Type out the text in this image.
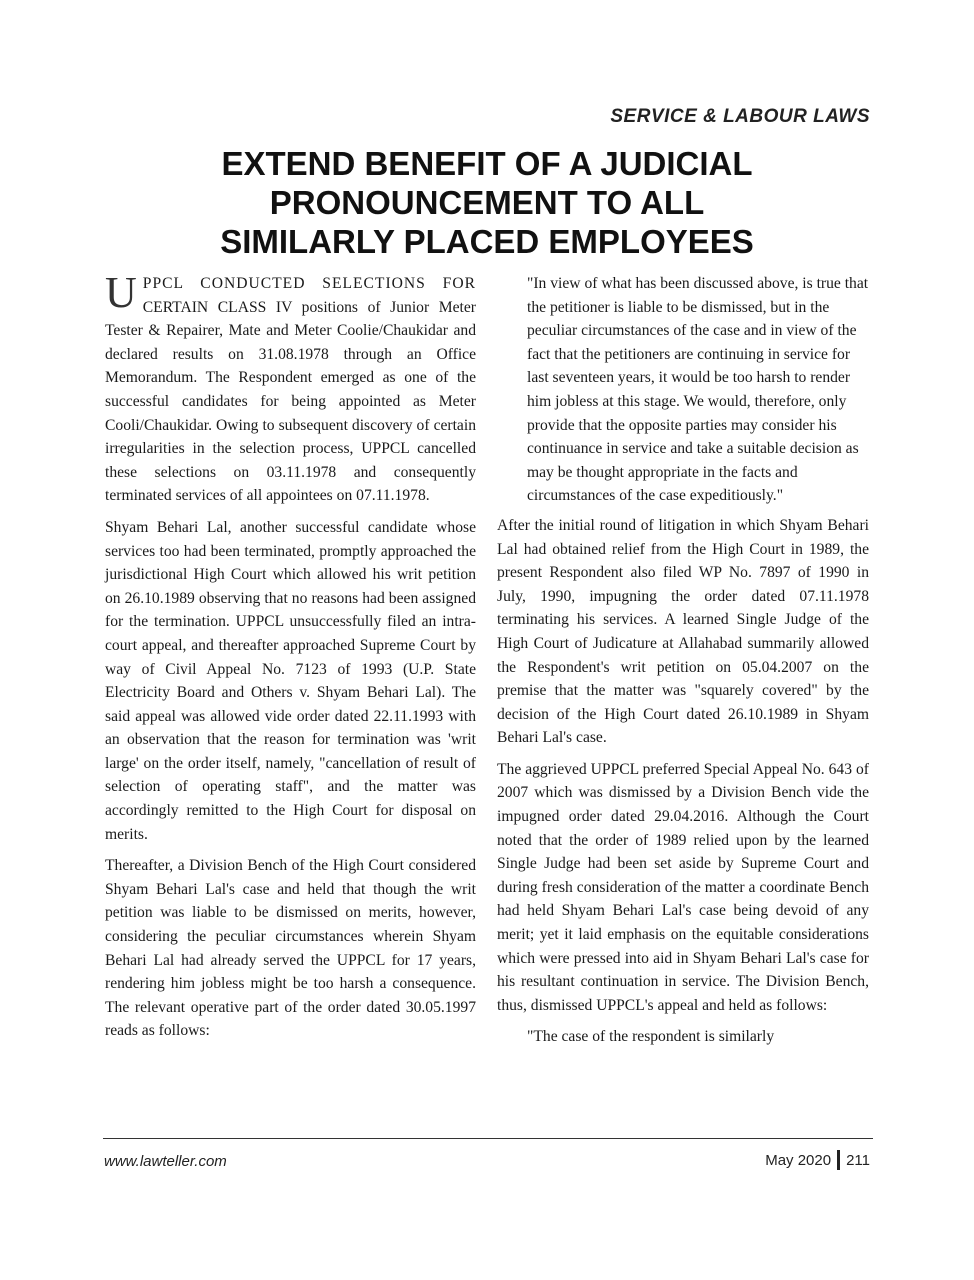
SERVICE & LABOUR LAWS
EXTEND BENEFIT OF A JUDICIAL
PRONOUNCEMENT TO ALL
SIMILARLY PLACED EMPLOYEES

UPPCL CONDUCTED SELECTIONS FOR CERTAIN CLASS IV positions of Junior Meter Tester & Repairer, Mate and Meter Coolie/Chaukidar and declared results on 31.08.1978 through an Office Memorandum. The Respondent emerged as one of the successful candidates for being appointed as Meter Cooli/Chaukidar. Owing to subsequent discovery of certain irregularities in the selection process, UPPCL cancelled these selections on 03.11.1978 and consequently terminated services of all appointees on 07.11.1978.

Shyam Behari Lal, another successful candidate whose services too had been terminated, promptly approached the jurisdictional High Court which allowed his writ petition on 26.10.1989 observing that no reasons had been assigned for the termination. UPPCL unsuccessfully filed an intra-court appeal, and thereafter approached Supreme Court by way of Civil Appeal No. 7123 of 1993 (U.P. State Electricity Board and Others v. Shyam Behari Lal). The said appeal was allowed vide order dated 22.11.1993 with an observation that the reason for termination was 'writ large' on the order itself, namely, "cancellation of result of selection of operating staff", and the matter was accordingly remitted to the High Court for disposal on merits.

Thereafter, a Division Bench of the High Court considered Shyam Behari Lal's case and held that though the writ petition was liable to be dismissed on merits, however, considering the peculiar circumstances wherein Shyam Behari Lal had already served the UPPCL for 17 years, rendering him jobless might be too harsh a consequence. The relevant operative part of the order dated 30.05.1997 reads as follows:

"In view of what has been discussed above, is true that the petitioner is liable to be dismissed, but in the peculiar circumstances of the case and in view of the fact that the petitioners are continuing in service for last seventeen years, it would be too harsh to render him jobless at this stage. We would, therefore, only provide that the opposite parties may consider his continuance in service and take a suitable decision as may be thought appropriate in the facts and circumstances of the case expeditiously."

After the initial round of litigation in which Shyam Behari Lal had obtained relief from the High Court in 1989, the present Respondent also filed WP No. 7897 of 1990 in July, 1990, impugning the order dated 07.11.1978 terminating his services. A learned Single Judge of the High Court of Judicature at Allahabad summarily allowed the Respondent's writ petition on 05.04.2007 on the premise that the matter was "squarely covered" by the decision of the High Court dated 26.10.1989 in Shyam Behari Lal's case.

The aggrieved UPPCL preferred Special Appeal No. 643 of 2007 which was dismissed by a Division Bench vide the impugned order dated 29.04.2016. Although the Court noted that the order of 1989 relied upon by the learned Single Judge had been set aside by Supreme Court and during fresh consideration of the matter a coordinate Bench had held Shyam Behari Lal's case being devoid of any merit; yet it laid emphasis on the equitable considerations which were pressed into aid in Shyam Behari Lal's case for his resultant continuation in service. The Division Bench, thus, dismissed UPPCL's appeal and held as follows:

"The case of the respondent is similarly

www.lawteller.com	May 2020 211
